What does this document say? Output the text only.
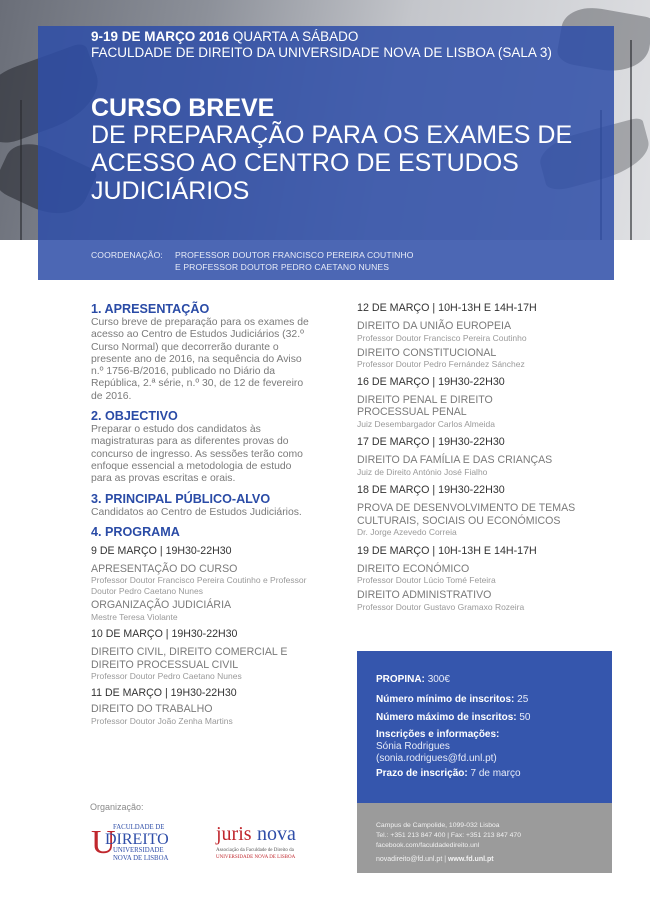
9-19 DE MARÇO 2016 QUARTA A SÁBADO
FACULDADE DE DIREITO DA UNIVERSIDADE NOVA DE LISBOA (SALA 3)
CURSO BREVE
DE PREPARAÇÃO PARA OS EXAMES DE ACESSO AO CENTRO DE ESTUDOS JUDICIÁRIOS
COORDENAÇÃO: PROFESSOR DOUTOR FRANCISCO PEREIRA COUTINHO
E PROFESSOR DOUTOR PEDRO CAETANO NUNES

1. APRESENTAÇÃO

Curso breve de preparação para os exames de acesso ao Centro de Estudos Judiciários (32.º Curso Normal) que decorrerão durante o presente ano de 2016, na sequência do Aviso n.º 1756-B/2016, publicado no Diário da República, 2.ª série, n.º 30, de 12 de fevereiro de 2016.

2. OBJECTIVO

Preparar o estudo dos candidatos às magistraturas para as diferentes provas do concurso de ingresso. As sessões terão como enfoque essencial a metodologia de estudo para as provas escritas e orais.

3. PRINCIPAL PÚBLICO-ALVO

Candidatos ao Centro de Estudos Judiciários.

4. PROGRAMA

9 DE MARÇO | 19H30-22H30

APRESENTAÇÃO DO CURSO

Professor Doutor Francisco Pereira Coutinho e Professor Doutor Pedro Caetano Nunes

ORGANIZAÇÃO JUDICIÁRIA

Mestre Teresa Violante

10 DE MARÇO | 19H30-22H30

DIREITO CIVIL, DIREITO COMERCIAL E DIREITO PROCESSUAL CIVIL

Professor Doutor Pedro Caetano Nunes

11 DE MARÇO | 19H30-22H30

DIREITO DO TRABALHO

Professor Doutor João Zenha Martins

12 DE MARÇO | 10H-13H E 14H-17H

DIREITO DA UNIÃO EUROPEIA

Professor Doutor Francisco Pereira Coutinho

DIREITO CONSTITUCIONAL

Professor Doutor Pedro Fernández Sánchez

16 DE MARÇO | 19H30-22H30

DIREITO PENAL E DIREITO PROCESSUAL PENAL

Juiz Desembargador Carlos Almeida

17 DE MARÇO | 19H30-22H30

DIREITO DA FAMÍLIA E DAS CRIANÇAS

Juiz de Direito António José Fialho

18 DE MARÇO | 19H30-22H30

PROVA DE DESENVOLVIMENTO DE TEMAS CULTURAIS, SOCIAIS OU ECONÓMICOS

Dr. Jorge Azevedo Correia

19 DE MARÇO | 10H-13H E 14H-17H

DIREITO ECONÓMICO

Professor Doutor Lúcio Tomé Feteira

DIREITO ADMINISTRATIVO

Professor Doutor Gustavo Gramaxo Rozeira

PROPINA: 300€
Número mínimo de inscritos: 25
Número máximo de inscritos: 50
Inscrições e informações:
Sónia Rodrigues
(sonia.rodrigues@fd.unl.pt)
Prazo de inscrição: 7 de março
Campus de Campolide, 1099-032 Lisboa
Tel.: +351 213 847 400 | Fax: +351 213 847 470
facebook.com/faculdadedireito.unl
novadireito@fd.unl.pt | www.fd.unl.pt
Organização:
U
FACULDADE DE
DIREITO
UNIVERSIDADE
NOVA DE LISBOA
juris nova
Associação da Faculdade de Direito da
UNIVERSIDADE NOVA DE LISBOA
